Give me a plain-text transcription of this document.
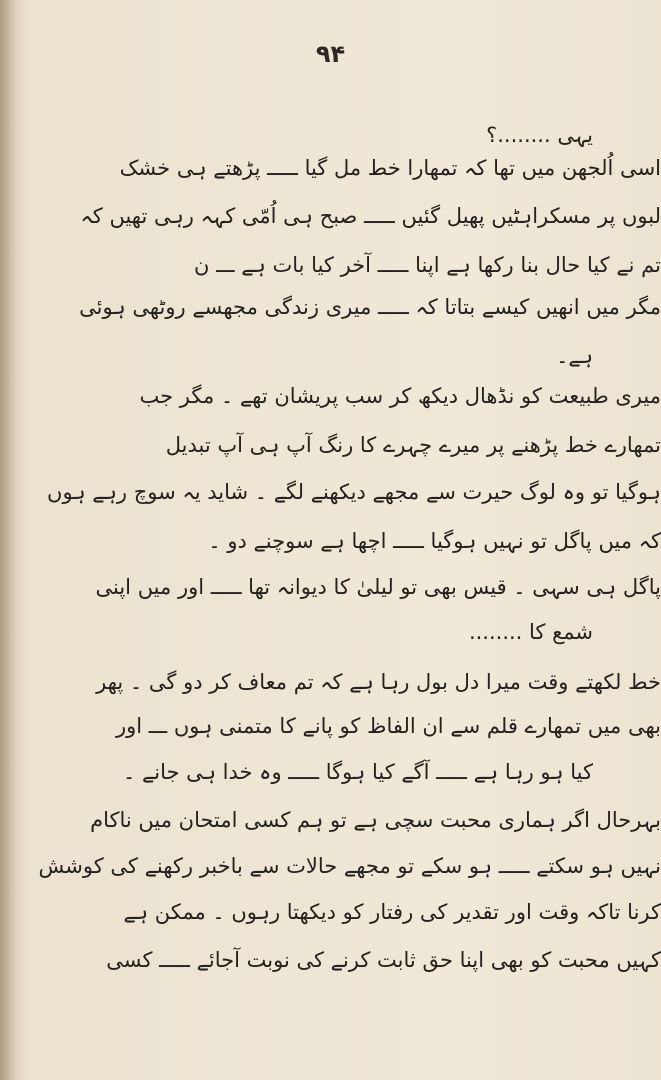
۹۴
یہی ........؟
اسی اُلجھن میں تھا کہ تمھارا خط مل گیا ـــــ پڑھتے ہی خشک
لبوں پر مسکراہٹیں پھیل گئیں ـــــ صبح ہی اُمّی کہہ رہی تھیں کہ
تم نے کیا حال بنا رکھا ہے اپنا ـــــ آخر کیا بات ہے ـــ ن
مگر میں انھیں کیسے بتاتا کہ ـــــ میری زندگی مجھسے روٹھی ہوئی
ہے۔
میری طبیعت کو نڈھال دیکھ کر سب پریشان تھے ۔ مگر جب
تمھارے خط پڑھنے پر میرے چہرے کا رنگ آپ ہی آپ تبدیل
ہوگیا تو وہ لوگ حیرت سے مجھے دیکھنے لگے ۔ شاید یہ سوچ رہے ہوں
کہ میں پاگل تو نہیں ہوگیا ـــــ اچھا ہے سوچنے دو ۔
پاگل ہی سہی ۔ قیس بھی تو لیلیٰ کا دیوانہ تھا ـــــ اور میں اپنی
شمع کا ........
خط لکھتے وقت میرا دل بول رہا ہے کہ تم معاف کر دو گی ۔ پھر
بھی میں تمھارے قلم سے ان الفاظ کو پانے کا متمنی ہوں ـــ اور
کیا ہو رہا ہے ـــــ آگے کیا ہوگا ـــــ وہ خدا ہی جانے ۔
بہرحال اگر ہماری محبت سچی ہے تو ہم کسی امتحان میں ناکام
نہیں ہو سکتے ـــــ ہو سکے تو مجھے حالات سے باخبر رکھنے کی کوشش
کرنا تاکہ وقت اور تقدیر کی رفتار کو دیکھتا رہوں ۔ ممکن ہے
کہیں محبت کو بھی اپنا حق ثابت کرنے کی نوبت آجائے ـــــ کسی
